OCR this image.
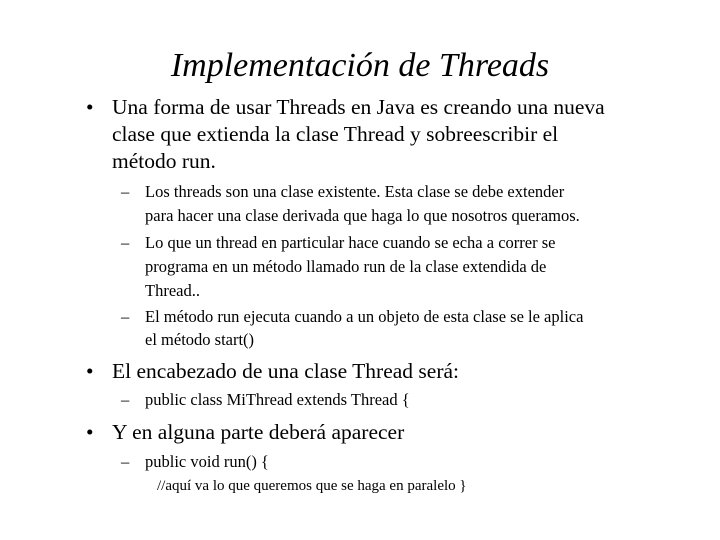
Implementación de Threads
• Una forma de usar Threads en Java es creando una nueva
clase que extienda la clase Thread y sobreescribir el
método run.
– Los threads son una clase existente. Esta clase se debe extender
para hacer una clase derivada que haga lo que nosotros queramos.
– Lo que un thread en particular hace cuando se echa a correr se
programa en un método llamado run de la clase extendida de
Thread..
– El método run ejecuta cuando a un objeto de esta clase se le aplica
el método start()
• El encabezado de una clase Thread será:
– public class MiThread extends Thread {
• Y en alguna parte deberá aparecer
– public void run() {
//aquí va lo que queremos que se haga en paralelo }
